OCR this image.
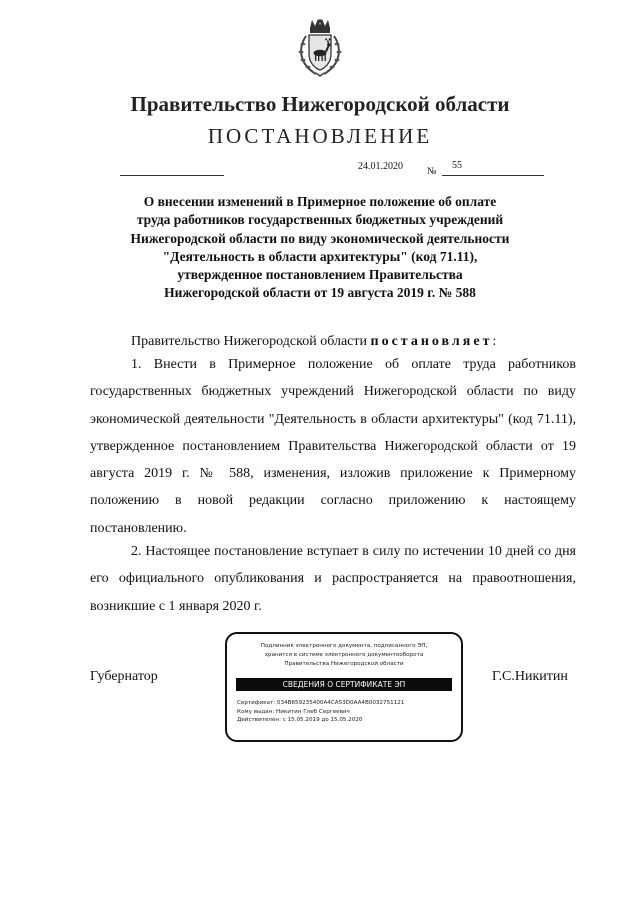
Правительство Нижегородской области
ПОСТАНОВЛЕНИЕ
24.01.2020 №
55
О внесении изменений в Примерное положение об оплате
труда работников государственных бюджетных учреждений
Нижегородской области по виду экономической деятельности
"Деятельность в области архитектуры" (код 71.11),
утвержденное постановлением Правительства
Нижегородской области от 19 августа 2019 г. № 588
Правительство Нижегородской области постановляет:
1. Внести в Примерное положение об оплате труда работников государственных бюджетных учреждений Нижегородской области по виду экономической деятельности "Деятельность в области архитектуры" (код 71.11), утвержденное постановлением Правительства Нижегородской области от 19 августа 2019 г. № 588, изменения, изложив приложение к Примерному положению в новой редакции согласно приложению к настоящему постановлению.
2. Настоящее постановление вступает в силу по истечении 10 дней со дня его официального опубликования и распространяется на правоотношения, возникшие с 1 января 2020 г.
Губернатор	Г.С.Никитин
Подлинник электронного документа, подписанного ЭП,
хранится в системе электронного документооборота
Правительства Нижегородской области
СВЕДЕНИЯ О СЕРТИФИКАТЕ ЭП
Сертификат: 034B659235400A4CA53D0AA4B0032751121
Кому выдан: Никитин Глеб Сергеевич
Действителен: с 15.05.2019 до 15.05.2020
